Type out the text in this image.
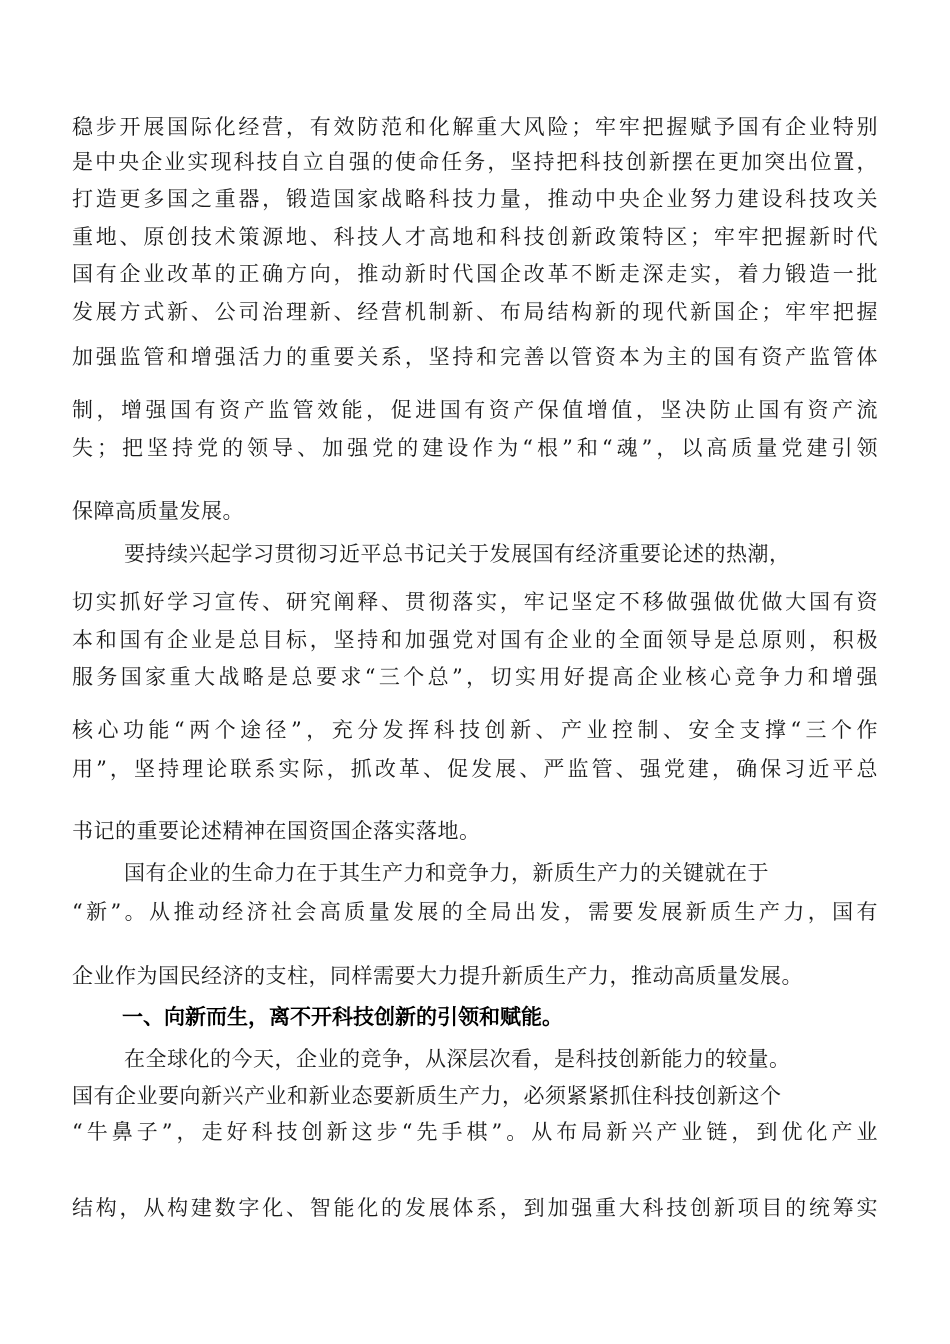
稳步开展国际化经营，有效防范和化解重大风险；牢牢把握赋予国有企业特别
是中央企业实现科技自立自强的使命任务，坚持把科技创新摆在更加突出位置，
打造更多国之重器，锻造国家战略科技力量，推动中央企业努力建设科技攻关
重地、原创技术策源地、科技人才高地和科技创新政策特区；牢牢把握新时代
国有企业改革的正确方向，推动新时代国企改革不断走深走实，着力锻造一批
发展方式新、公司治理新、经营机制新、布局结构新的现代新国企；牢牢把握
加强监管和增强活力的重要关系，坚持和完善以管资本为主的国有资产监管体
制，增强国有资产监管效能，促进国有资产保值增值，坚决防止国有资产流
失；把坚持党的领导、加强党的建设作为“根”和“魂”，以高质量党建引领
保障高质量发展。
要持续兴起学习贯彻习近平总书记关于发展国有经济重要论述的热潮，
切实抓好学习宣传、研究阐释、贯彻落实，牢记坚定不移做强做优做大国有资
本和国有企业是总目标，坚持和加强党对国有企业的全面领导是总原则，积极
服务国家重大战略是总要求“三个总”，切实用好提高企业核心竞争力和增强
核心功能“两个途径”，充分发挥科技创新、产业控制、安全支撑“三个作
用”，坚持理论联系实际，抓改革、促发展、严监管、强党建，确保习近平总
书记的重要论述精神在国资国企落实落地。
国有企业的生命力在于其生产力和竞争力，新质生产力的关键就在于
“新”。从推动经济社会高质量发展的全局出发，需要发展新质生产力，国有
企业作为国民经济的支柱，同样需要大力提升新质生产力，推动高质量发展。
一、向新而生，离不开科技创新的引领和赋能。
在全球化的今天，企业的竞争，从深层次看，是科技创新能力的较量。
国有企业要向新兴产业和新业态要新质生产力，必须紧紧抓住科技创新这个
“牛鼻子”，走好科技创新这步“先手棋”。从布局新兴产业链，到优化产业
结构，从构建数字化、智能化的发展体系，到加强重大科技创新项目的统筹实
